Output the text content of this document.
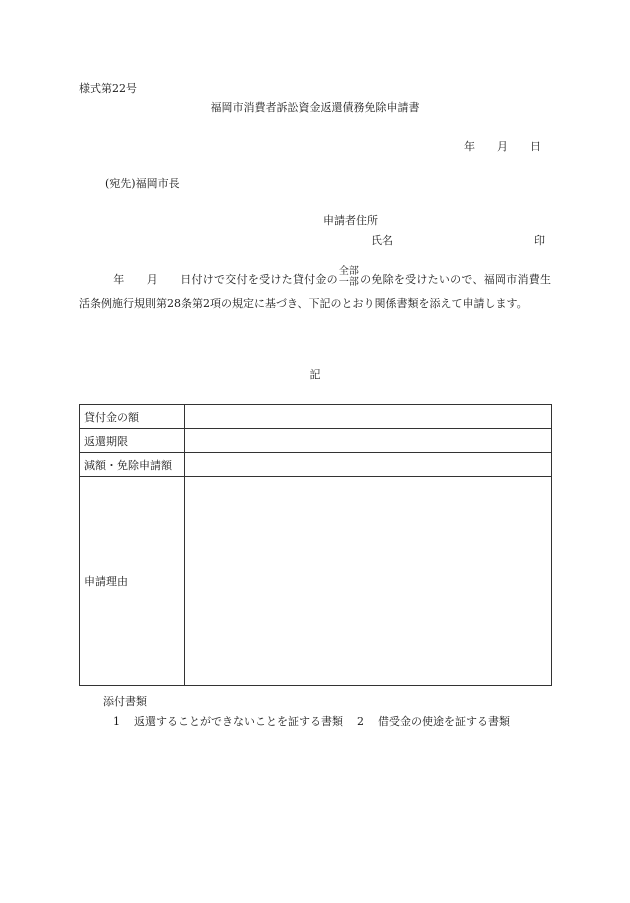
様式第22号
福岡市消費者訴訟資金返還債務免除申請書
年 月 日
(宛先)福岡市長
申請者住所
氏名	印
年 月 日付けで交付を受けた貸付金の
全部
一部 の免除を受けたいので、福岡市消費生活条例施行規則第28条第2項の規定に基づき、下記のとおり関係書類を添えて申請します。
記
貸付金の額	
返還期限	
減額・免除申請額	
申請理由	
添付書類
1 返還することができないことを証する書類 2 借受金の使途を証する書類
